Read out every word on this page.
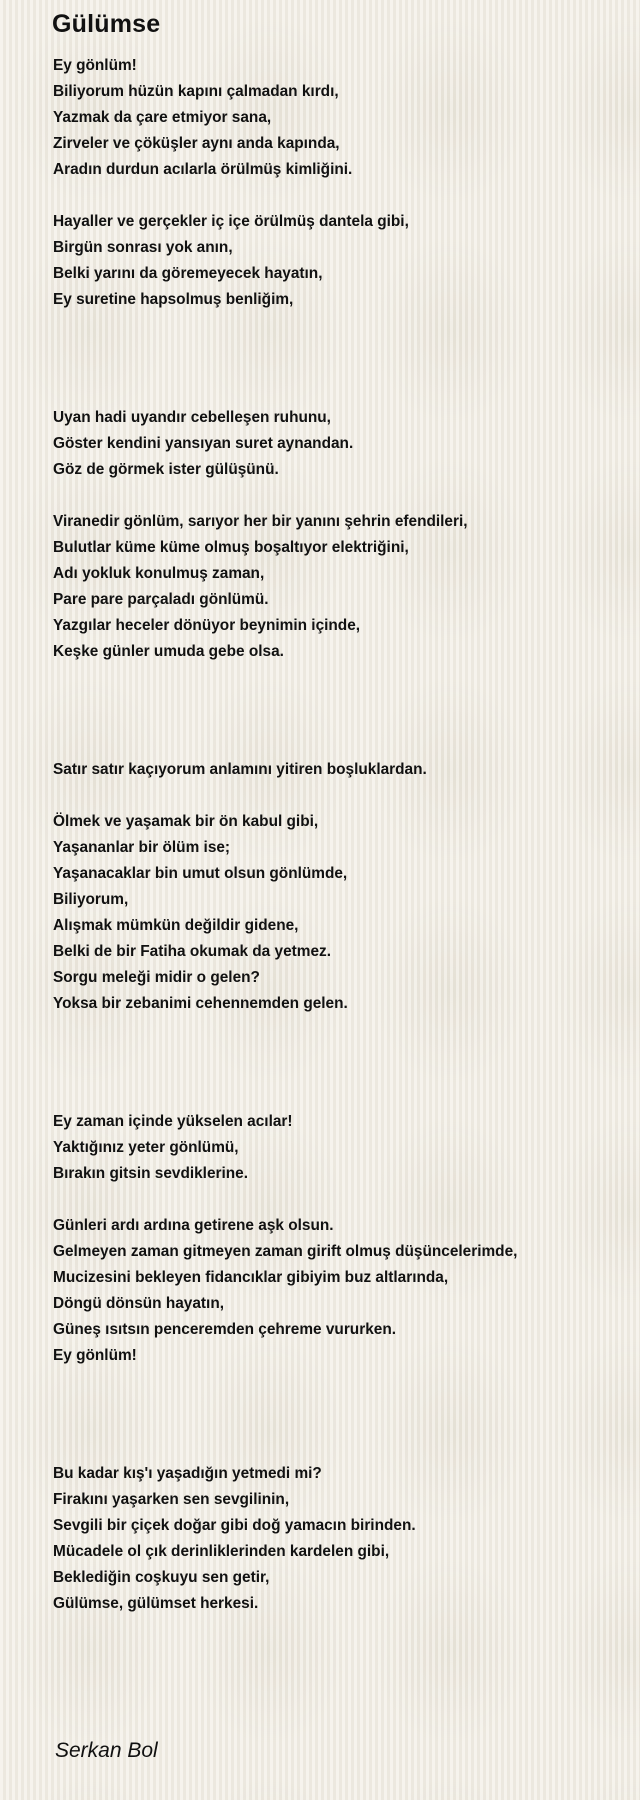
Gülümse
Ey gönlüm!
Biliyorum hüzün kapını çalmadan kırdı,
Yazmak da çare etmiyor sana,
Zirveler ve çöküşler aynı anda kapında,
Aradın durdun acılarla örülmüş kimliğini.
Hayaller ve gerçekler iç içe örülmüş dantela gibi,
Birgün sonrası yok anın,
Belki yarını da göremeyecek hayatın,
Ey suretine hapsolmuş benliğim,
Uyan hadi uyandır cebelleşen ruhunu,
Göster kendini yansıyan suret aynandan.
Göz de görmek ister gülüşünü.
Viranedir gönlüm, sarıyor her bir yanını şehrin efendileri,
Bulutlar küme küme olmuş boşaltıyor elektriğini,
Adı yokluk konulmuş zaman,
Pare pare parçaladı gönlümü.
Yazgılar heceler dönüyor beynimin içinde,
Keşke günler umuda gebe olsa.
Satır satır kaçıyorum anlamını yitiren boşluklardan.
Ölmek ve yaşamak bir ön kabul gibi,
Yaşananlar bir ölüm ise;
Yaşanacaklar bin umut olsun gönlümde,
Biliyorum,
Alışmak mümkün değildir gidene,
Belki de bir Fatiha okumak da yetmez.
Sorgu meleği midir o gelen?
Yoksa bir zebanimi cehennemden gelen.
Ey zaman içinde yükselen acılar!
Yaktığınız yeter gönlümü,
Bırakın gitsin sevdiklerine.
Günleri ardı ardına getirene aşk olsun.
Gelmeyen zaman gitmeyen zaman girift olmuş düşüncelerimde,
Mucizesini bekleyen fidancıklar gibiyim buz altlarında,
Döngü dönsün hayatın,
Güneş ısıtsın penceremden çehreme vururken.
Ey gönlüm!
Bu kadar kış'ı yaşadığın yetmedi mi?
Firakını yaşarken sen sevgilinin,
Sevgili bir çiçek doğar gibi doğ yamacın birinden.
Mücadele ol çık derinliklerinden kardelen gibi,
Beklediğin coşkuyu sen getir,
Gülümse, gülümset herkesi.
Serkan Bol
